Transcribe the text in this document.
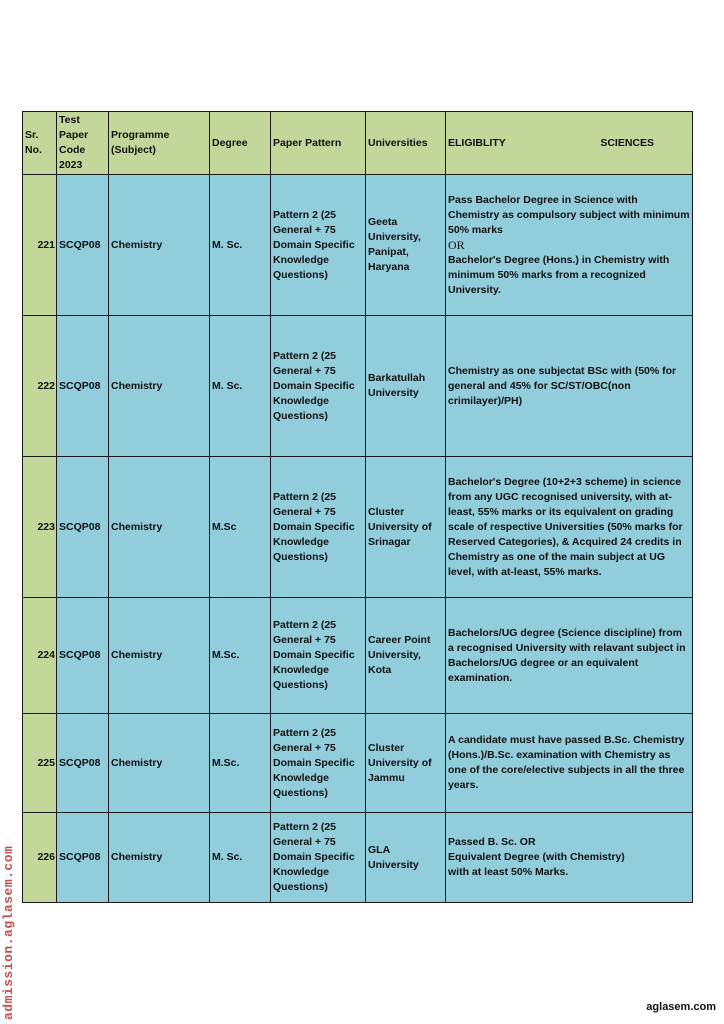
Sr. No.	Test Paper Code 2023	Programme (Subject)	Degree	Paper Pattern	Universities	ELIGIBLITY SCIENCES

221	SCQP08	Chemistry	M. Sc.	Pattern 2 (25 General + 75 Domain Specific Knowledge Questions)	Geeta University, Panipat, Haryana	Pass Bachelor Degree in Science with Chemistry as compulsory subject with minimum 50% marks
OR
Bachelor's Degree (Hons.) in Chemistry with minimum 50% marks from a recognized University.
222	SCQP08	Chemistry	M. Sc.	Pattern 2 (25 General + 75 Domain Specific Knowledge Questions)	Barkatullah University	Chemistry as one subjectat BSc with (50% for general and 45% for SC/ST/OBC(non crimilayer)/PH)
223	SCQP08	Chemistry	M.Sc	Pattern 2 (25 General + 75 Domain Specific Knowledge Questions)	Cluster University of Srinagar	Bachelor's Degree (10+2+3 scheme) in science from any UGC recognised university, with at-least, 55% marks or its equivalent on grading scale of respective Universities (50% marks for Reserved Categories), & Acquired 24 credits in Chemistry as one of the main subject at UG level, with at-least, 55% marks.
224	SCQP08	Chemistry	M.Sc.	Pattern 2 (25 General + 75 Domain Specific Knowledge Questions)	Career Point University, Kota	Bachelors/UG degree (Science discipline) from a recognised University with relavant subject in Bachelors/UG degree or an equivalent examination.
225	SCQP08	Chemistry	M.Sc.	Pattern 2 (25 General + 75 Domain Specific Knowledge Questions)	Cluster University of Jammu	A candidate must have passed B.Sc. Chemistry (Hons.)/B.Sc. examination with Chemistry as one of the core/elective subjects in all the three years.
226	SCQP08	Chemistry	M. Sc.	Pattern 2 (25 General + 75 Domain Specific Knowledge Questions)	GLA University	Passed B. Sc. OR
Equivalent Degree (with Chemistry)
with at least 50% Marks.
admission.aglasem.com	aglasem.com
